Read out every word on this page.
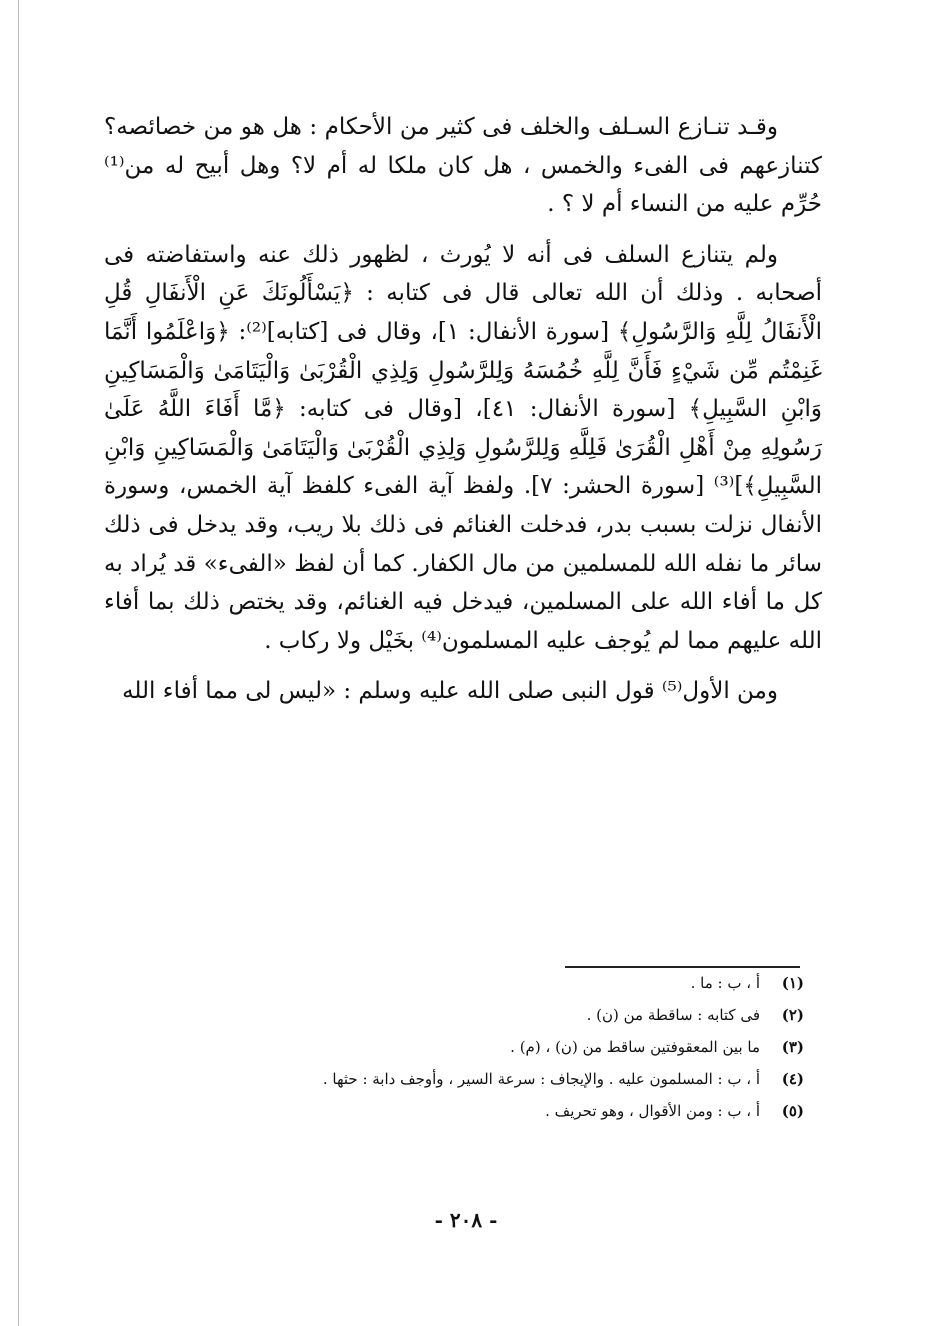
وقـد تنـازع السـلف والخلف فى كثير من الأحكام : هل هو من خصائصه؟ كتنازعهم فى الفىء والخمس ، هل كان ملكا له أم لا؟ وهل أبيح له من⁽¹⁾ حُرِّم عليه من النساء أم لا ؟ .

ولم يتنازع السلف فى أنه لا يُورث ، لظهور ذلك عنه واستفاضته فى أصحابه . وذلك أن الله تعالى قال فى كتابه : ﴿يَسْأَلُونَكَ عَنِ الْأَنفَالِ قُلِ الْأَنفَالُ لِلَّهِ وَالرَّسُولِ﴾ [سورة الأنفال: ١]، وقال فى [كتابه]⁽²⁾: ﴿وَاعْلَمُوا أَنَّمَا غَنِمْتُم مِّن شَيْءٍ فَأَنَّ لِلَّهِ خُمُسَهُ وَلِلرَّسُولِ وَلِذِي الْقُرْبَىٰ وَالْيَتَامَىٰ وَالْمَسَاكِينِ وَابْنِ السَّبِيلِ﴾ [سورة الأنفال: ٤١]، [وقال فى كتابه: ﴿مَّا أَفَاءَ اللَّهُ عَلَىٰ رَسُولِهِ مِنْ أَهْلِ الْقُرَىٰ فَلِلَّهِ وَلِلرَّسُولِ وَلِذِي الْقُرْبَىٰ وَالْيَتَامَىٰ وَالْمَسَاكِينِ وَابْنِ السَّبِيلِ﴾]⁽³⁾ [سورة الحشر: ٧]. ولفظ آية الفىء كلفظ آية الخمس، وسورة الأنفال نزلت بسبب بدر، فدخلت الغنائم فى ذلك بلا ريب، وقد يدخل فى ذلك سائر ما نفله الله للمسلمين من مال الكفار. كما أن لفظ «الفىء» قد يُراد به كل ما أفاء الله على المسلمين، فيدخل فيه الغنائم، وقد يختص ذلك بما أفاء الله عليهم مما لم يُوجف عليه المسلمون⁽⁴⁾ بخَيْل ولا ركاب .

ومن الأول⁽⁵⁾ قول النبى صلى الله عليه وسلم : «ليس لى مما أفاء الله

(١)
أ ، ب : ما .
(٢)
فى كتابه : ساقطة من (ن) .
(٣)
ما بين المعقوفتين ساقط من (ن) ، (م) .
(٤)
أ ، ب : المسلمون عليه . والإيجاف : سرعة السير ، وأوجف دابة : حثها .
(٥)
أ ، ب : ومن الأقوال ، وهو تحريف .
- ٢٠٨ -
